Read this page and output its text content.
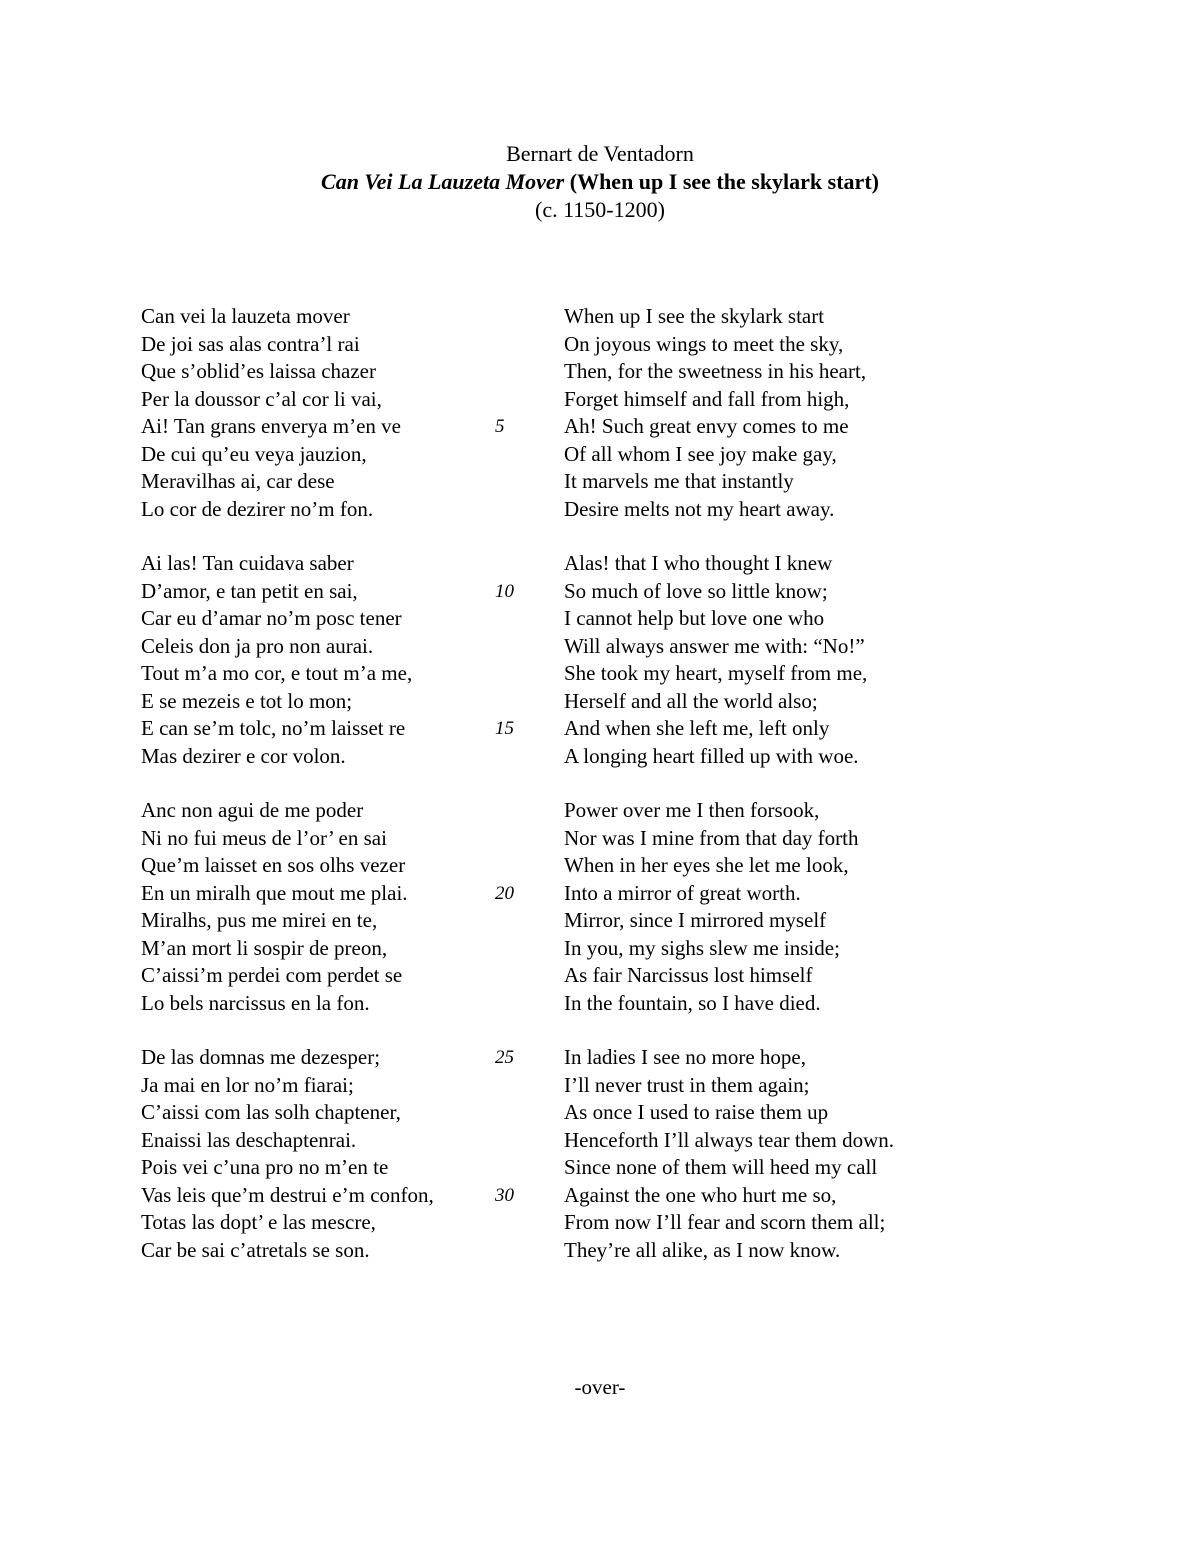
Bernart de Ventadorn
Can Vei La Lauzeta Mover (When up I see the skylark start)
(c. 1150-1200)
Can vei la lauzeta mover	When up I see the skylark start
De joi sas alas contra’l rai	On joyous wings to meet the sky,
Que s’oblid’es laissa chazer	Then, for the sweetness in his heart,
Per la doussor c’al cor li vai,	Forget himself and fall from high,
Ai! Tan grans enverya m’en ve	5	Ah! Such great envy comes to me
De cui qu’eu veya jauzion,	Of all whom I see joy make gay,
Meravilhas ai, car dese	It marvels me that instantly
Lo cor de dezirer no’m fon.	Desire melts not my heart away.
Ai las! Tan cuidava saber	Alas! that I who thought I knew
D’amor, e tan petit en sai,	10 So much of love so little know;
Car eu d’amar no’m posc tener	I cannot help but love one who
Celeis don ja pro non aurai.	Will always answer me with: “No!”
Tout m’a mo cor, e tout m’a me,	She took my heart, myself from me,
E se mezeis e tot lo mon;	Herself and all the world also;
E can se’m tolc, no’m laisset re	15 And when she left me, left only
Mas dezirer e cor volon.	A longing heart filled up with woe.
Anc non agui de me poder	Power over me I then forsook,
Ni no fui meus de l’or’ en sai	Nor was I mine from that day forth
Que’m laisset en sos olhs vezer	When in her eyes she let me look,
En un miralh que mout me plai.	20 Into a mirror of great worth.
Miralhs, pus me mirei en te,	Mirror, since I mirrored myself
M’an mort li sospir de preon,	In you, my sighs slew me inside;
C’aissi’m perdei com perdet se	As fair Narcissus lost himself
Lo bels narcissus en la fon.	In the fountain, so I have died.
De las domnas me dezesper;	25 In ladies I see no more hope,
Ja mai en lor no’m fiarai;	I’ll never trust in them again;
C’aissi com las solh chaptener,	As once I used to raise them up
Enaissi las deschaptenrai.	Henceforth I’ll always tear them down.
Pois vei c’una pro no m’en te	Since none of them will heed my call
Vas leis que’m destrui e’m confon,	30 Against the one who hurt me so,
Totas las dopt’ e las mescre,	From now I’ll fear and scorn them all;
Car be sai c’atretals se son.	They’re all alike, as I now know.
-over-
